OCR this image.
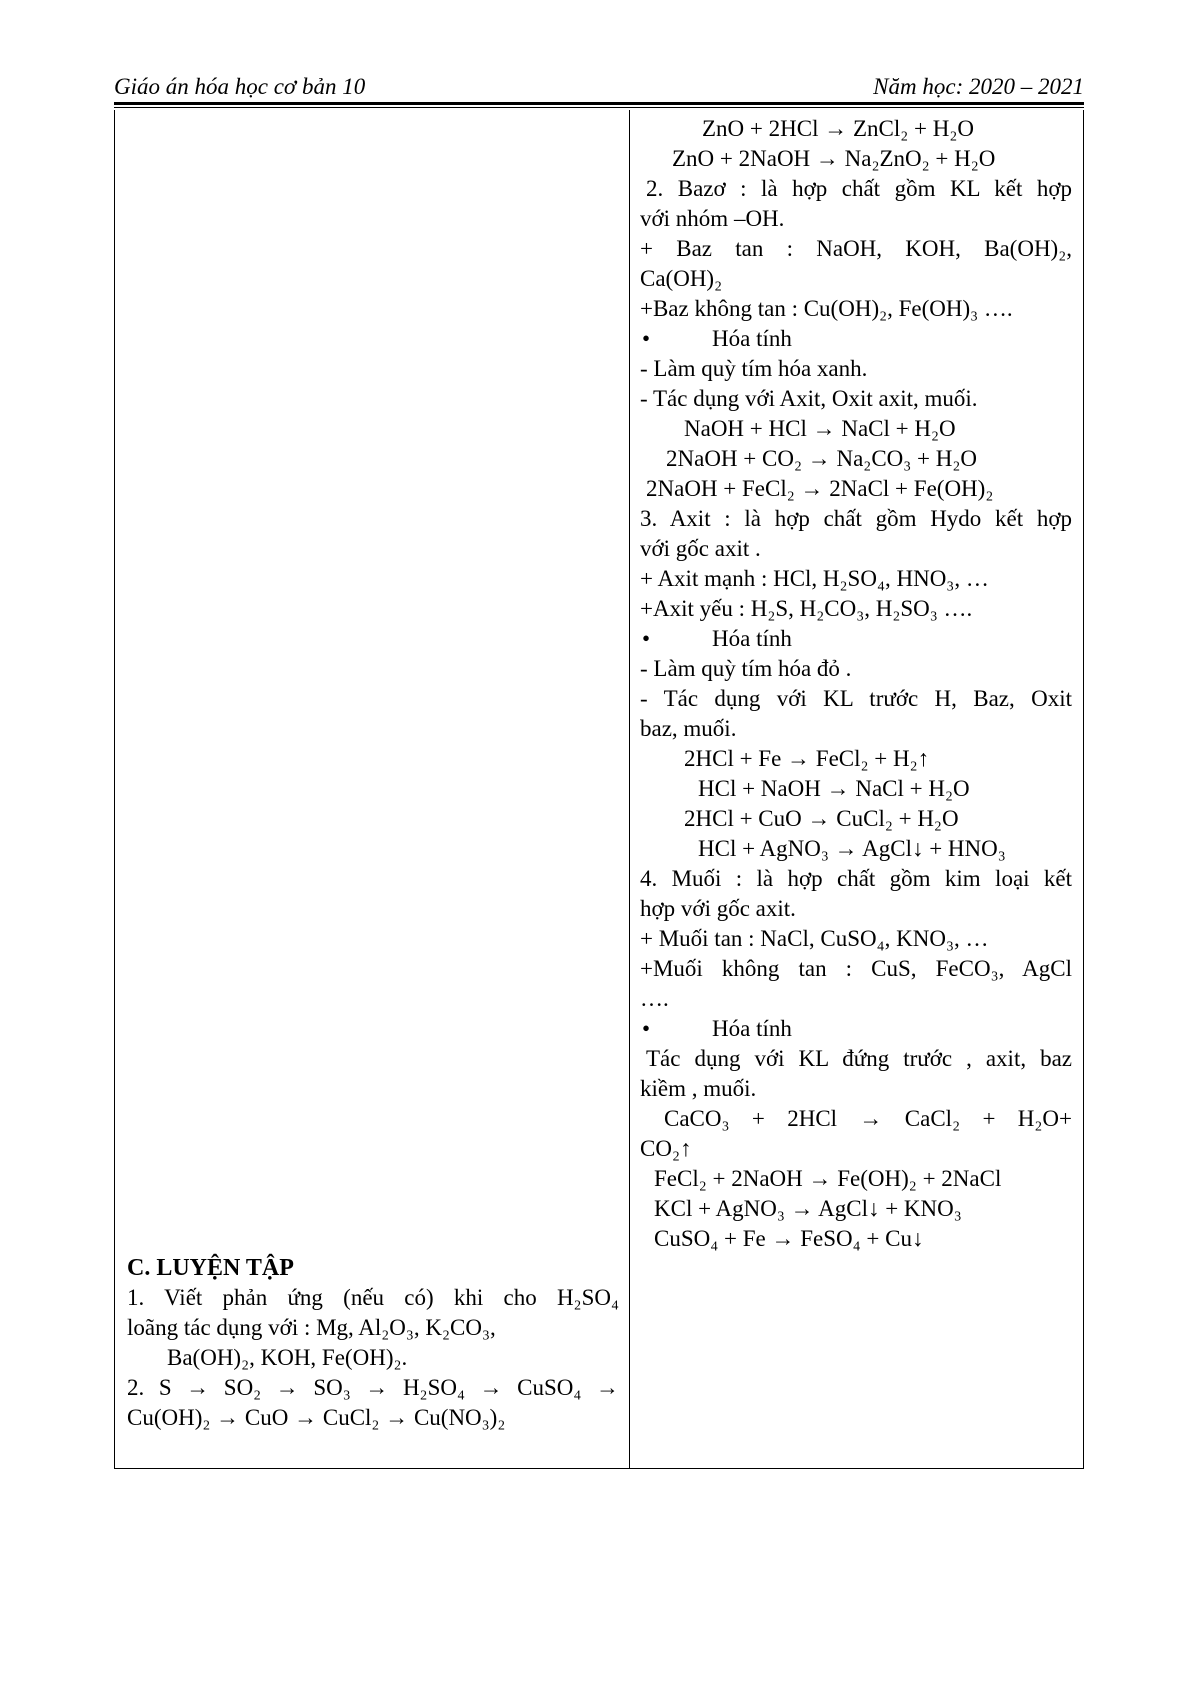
Giáo án hóa học cơ bản 10	Năm học: 2020 – 2021
ZnO + 2HCl → ZnCl₂ + H₂O
ZnO + 2NaOH → Na₂ZnO₂ + H₂O
2. Bazơ : là hợp chất gồm KL kết hợp
với nhóm –OH.
+ Baz tan : NaOH, KOH, Ba(OH)₂,
Ca(OH)₂
+Baz không tan : Cu(OH)₂, Fe(OH)₃ ….
•	Hóa tính
- Làm quỳ tím hóa xanh.
- Tác dụng với Axit, Oxit axit, muối.
NaOH + HCl → NaCl + H₂O
2NaOH + CO₂ → Na₂CO₃ + H₂O
2NaOH + FeCl₂ → 2NaCl + Fe(OH)₂
3. Axit : là hợp chất gồm Hydo kết hợp
với gốc axit .
+ Axit mạnh : HCl, H₂SO₄, HNO₃, …
+Axit yếu : H₂S, H₂CO₃, H₂SO₃ ….
•	Hóa tính
- Làm quỳ tím hóa đỏ .
- Tác dụng với KL trước H, Baz, Oxit
baz, muối.
2HCl + Fe → FeCl₂ + H₂↑
HCl + NaOH → NaCl + H₂O
2HCl + CuO → CuCl₂ + H₂O
HCl + AgNO₃ → AgCl↓ + HNO₃
4. Muối : là hợp chất gồm kim loại kết
hợp với gốc axit.
+ Muối tan : NaCl, CuSO₄, KNO₃, …
+Muối không tan : CuS, FeCO₃, AgCl
….
•	Hóa tính
Tác dụng với KL đứng trước , axit, baz
kiềm , muối.
CaCO₃ + 2HCl → CaCl₂ + H₂O+
CO₂↑
FeCl₂ + 2NaOH → Fe(OH)₂ + 2NaCl
KCl + AgNO₃ → AgCl↓ + KNO₃
CuSO₄ + Fe → FeSO₄ + Cu↓
C. LUYỆN TẬP
1. Viết phản ứng (nếu có) khi cho H₂SO₄
loãng tác dụng với : Mg, Al₂O₃, K₂CO₃,
Ba(OH)₂, KOH, Fe(OH)₂.
2. S → SO₂ → SO₃ → H₂SO₄ → CuSO₄ →
Cu(OH)₂ → CuO → CuCl₂ → Cu(NO₃)₂
